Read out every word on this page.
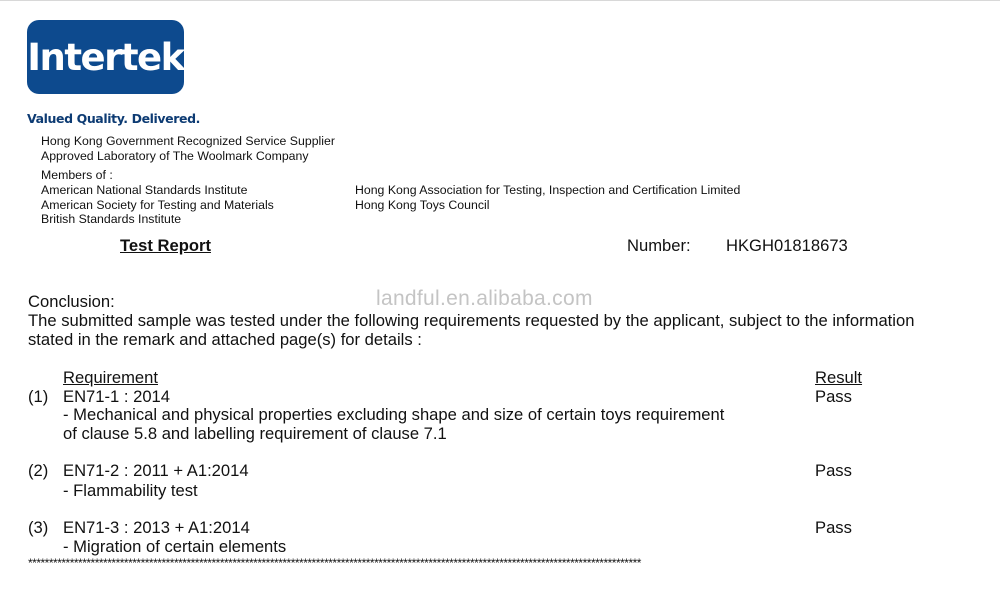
Intertek
Valued Quality. Delivered.
Hong Kong Government Recognized Service Supplier
Approved Laboratory of The Woolmark Company
Members of :
American National Standards Institute
American Society for Testing and Materials
British Standards Institute
Hong Kong Association for Testing, Inspection and Certification Limited
Hong Kong Toys Council
Test Report	Number: HKGH01818673
landful.en.alibaba.com
Conclusion:
The submitted sample was tested under the following requirements requested by the applicant, subject to the information
stated in the remark and attached page(s) for details :
Requirement	Result
(1) EN71-1 : 2014
- Mechanical and physical properties excluding shape and size of certain toys requirement
of clause 5.8 and labelling requirement of clause 7.1
Pass
(2) EN71-2 : 2011 + A1:2014
- Flammability test
Pass
(3) EN71-3 : 2013 + A1:2014
- Migration of certain elements
Pass
***************************************************************************************************************************************************
